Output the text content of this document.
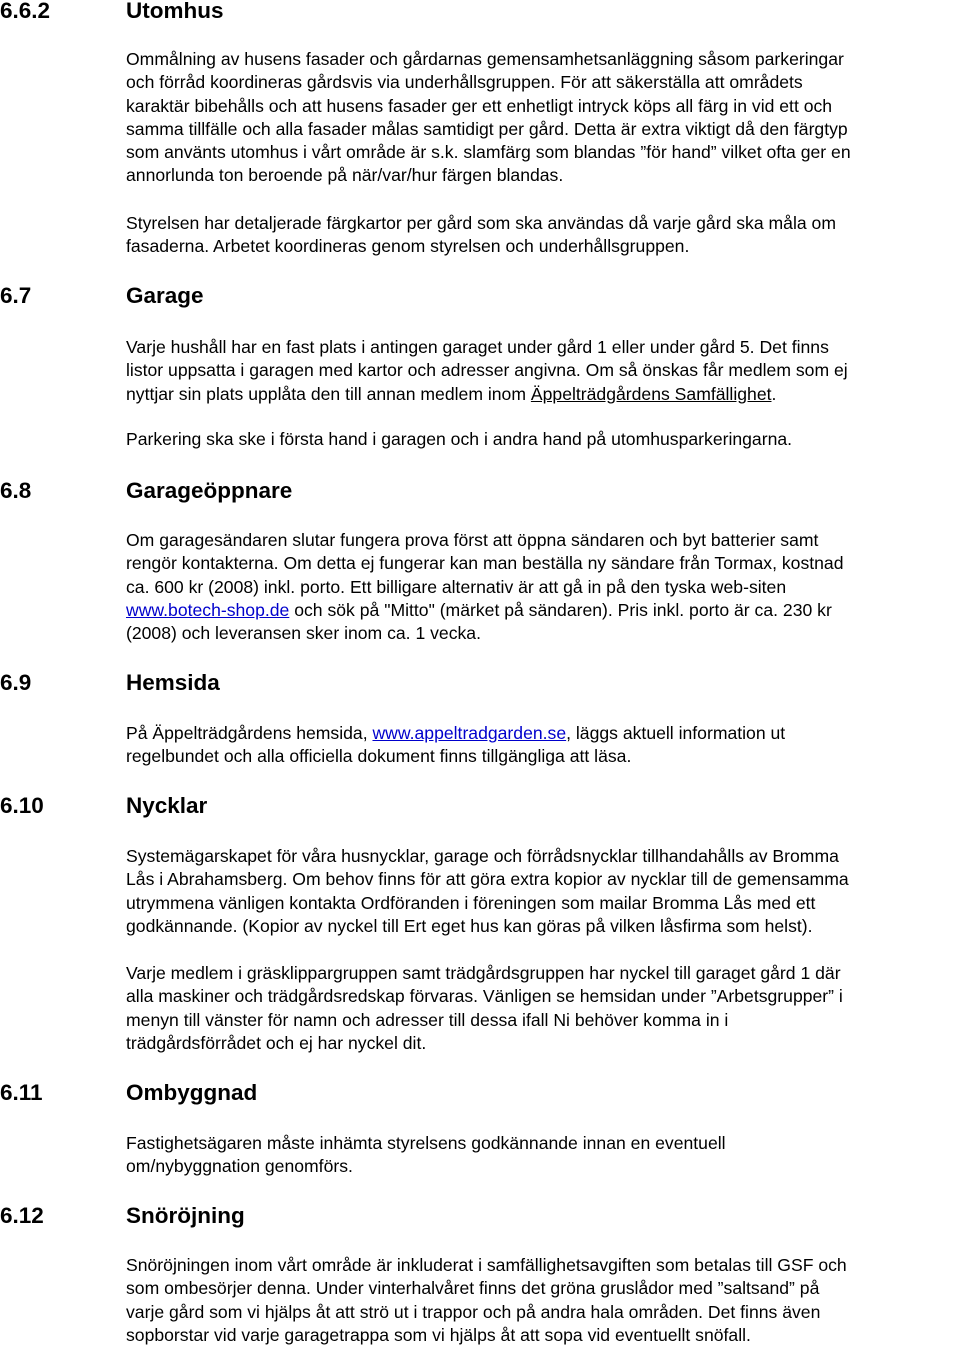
6.6.2	Utomhus
Ommålning av husens fasader och gårdarnas gemensamhetsanläggning såsom parkeringar
och förråd koordineras gårdsvis via underhållsgruppen. För att säkerställa att områdets
karaktär bibehålls och att husens fasader ger ett enhetligt intryck köps all färg in vid ett och
samma tillfälle och alla fasader målas samtidigt per gård. Detta är extra viktigt då den färgtyp
som använts utomhus i vårt område är s.k. slamfärg som blandas ”för hand” vilket ofta ger en
annorlunda ton beroende på när/var/hur färgen blandas.
Styrelsen har detaljerade färgkartor per gård som ska användas då varje gård ska måla om
fasaderna. Arbetet koordineras genom styrelsen och underhållsgruppen.
6.7	Garage
Varje hushåll har en fast plats i antingen garaget under gård 1 eller under gård 5. Det finns
listor uppsatta i garagen med kartor och adresser angivna. Om så önskas får medlem som ej
nyttjar sin plats upplåta den till annan medlem inom Äppelträdgårdens Samfällighet.
Parkering ska ske i första hand i garagen och i andra hand på utomhusparkeringarna.
6.8	Garageöppnare
Om garagesändaren slutar fungera prova först att öppna sändaren och byt batterier samt
rengör kontakterna. Om detta ej fungerar kan man beställa ny sändare från Tormax, kostnad
ca. 600 kr (2008) inkl. porto. Ett billigare alternativ är att gå in på den tyska web-siten
www.botech-shop.de och sök på "Mitto" (märket på sändaren). Pris inkl. porto är ca. 230 kr
(2008) och leveransen sker inom ca. 1 vecka.
6.9	Hemsida
På Äppelträdgårdens hemsida, www.appeltradgarden.se, läggs aktuell information ut
regelbundet och alla officiella dokument finns tillgängliga att läsa.
6.10	Nycklar
Systemägarskapet för våra husnycklar, garage och förrådsnycklar tillhandahålls av Bromma
Lås i Abrahamsberg. Om behov finns för att göra extra kopior av nycklar till de gemensamma
utrymmena vänligen kontakta Ordföranden i föreningen som mailar Bromma Lås med ett
godkännande. (Kopior av nyckel till Ert eget hus kan göras på vilken låsfirma som helst).
Varje medlem i gräsklippargruppen samt trädgårdsgruppen har nyckel till garaget gård 1 där
alla maskiner och trädgårdsredskap förvaras. Vänligen se hemsidan under ”Arbetsgrupper” i
menyn till vänster för namn och adresser till dessa ifall Ni behöver komma in i
trädgårdsförrådet och ej har nyckel dit.
6.11	Ombyggnad
Fastighetsägaren måste inhämta styrelsens godkännande innan en eventuell
om/nybyggnation genomförs.
6.12	Snöröjning
Snöröjningen inom vårt område är inkluderat i samfällighetsavgiften som betalas till GSF och
som ombesörjer denna. Under vinterhalvåret finns det gröna gruslådor med ”saltsand” på
varje gård som vi hjälps åt att strö ut i trappor och på andra hala områden. Det finns även
sopborstar vid varje garagetrappa som vi hjälps åt att sopa vid eventuellt snöfall.
